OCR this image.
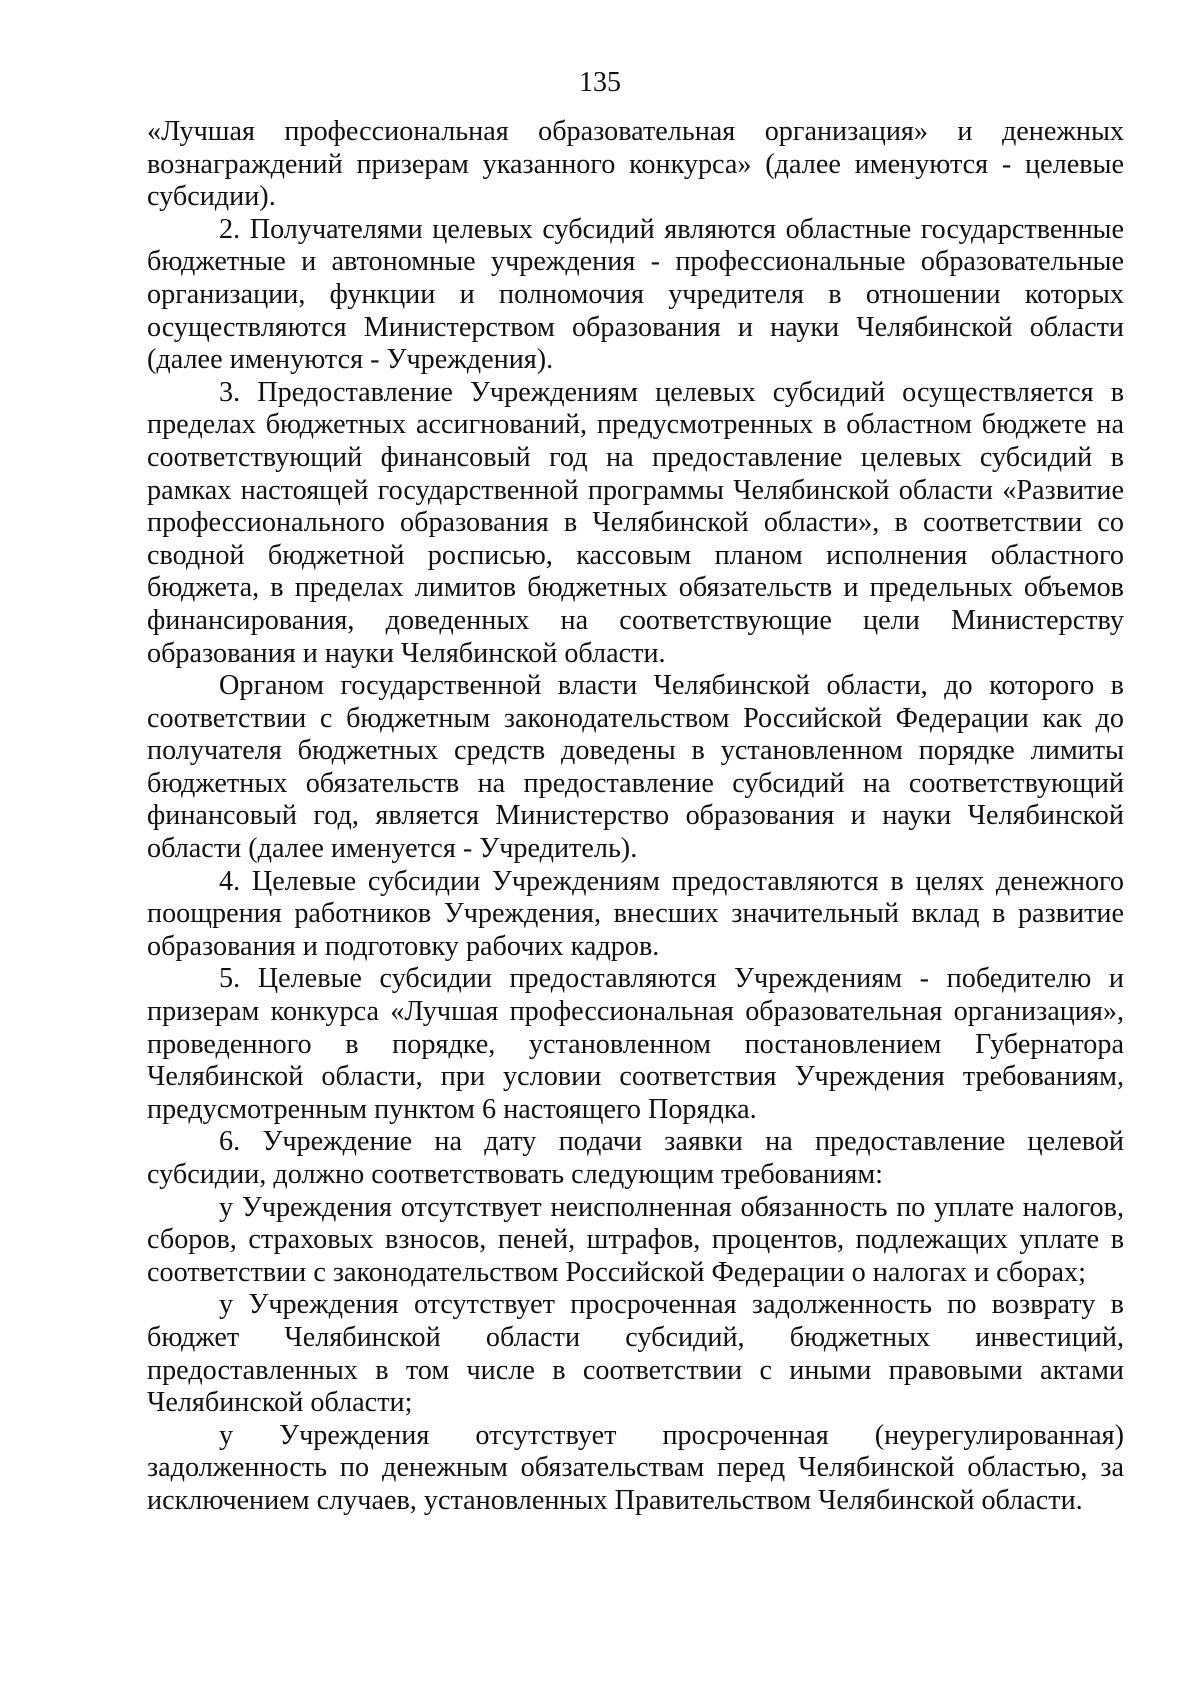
135

«Лучшая профессиональная образовательная организация» и денежных вознаграждений призерам указанного конкурса» (далее именуются - целевые субсидии).

2. Получателями целевых субсидий являются областные государственные бюджетные и автономные учреждения - профессиональные образовательные организации, функции и полномочия учредителя в отношении которых осуществляются Министерством образования и науки Челябинской области (далее именуются - Учреждения).

3. Предоставление Учреждениям целевых субсидий осуществляется в пределах бюджетных ассигнований, предусмотренных в областном бюджете на соответствующий финансовый год на предоставление целевых субсидий в рамках настоящей государственной программы Челябинской области «Развитие профессионального образования в Челябинской области», в соответствии со сводной бюджетной росписью, кассовым планом исполнения областного бюджета, в пределах лимитов бюджетных обязательств и предельных объемов финансирования, доведенных на соответствующие цели Министерству образования и науки Челябинской области.

Органом государственной власти Челябинской области, до которого в соответствии с бюджетным законодательством Российской Федерации как до получателя бюджетных средств доведены в установленном порядке лимиты бюджетных обязательств на предоставление субсидий на соответствующий финансовый год, является Министерство образования и науки Челябинской области (далее именуется - Учредитель).

4. Целевые субсидии Учреждениям предоставляются в целях денежного поощрения работников Учреждения, внесших значительный вклад в развитие образования и подготовку рабочих кадров.

5. Целевые субсидии предоставляются Учреждениям - победителю и призерам конкурса «Лучшая профессиональная образовательная организация», проведенного в порядке, установленном постановлением Губернатора Челябинской области, при условии соответствия Учреждения требованиям, предусмотренным пунктом 6 настоящего Порядка.

6. Учреждение на дату подачи заявки на предоставление целевой субсидии, должно соответствовать следующим требованиям:

у Учреждения отсутствует неисполненная обязанность по уплате налогов, сборов, страховых взносов, пеней, штрафов, процентов, подлежащих уплате в соответствии с законодательством Российской Федерации о налогах и сборах;

у Учреждения отсутствует просроченная задолженность по возврату в бюджет Челябинской области субсидий, бюджетных инвестиций, предоставленных в том числе в соответствии с иными правовыми актами Челябинской области;

у Учреждения отсутствует просроченная (неурегулированная) задолженность по денежным обязательствам перед Челябинской областью, за исключением случаев, установленных Правительством Челябинской области.
